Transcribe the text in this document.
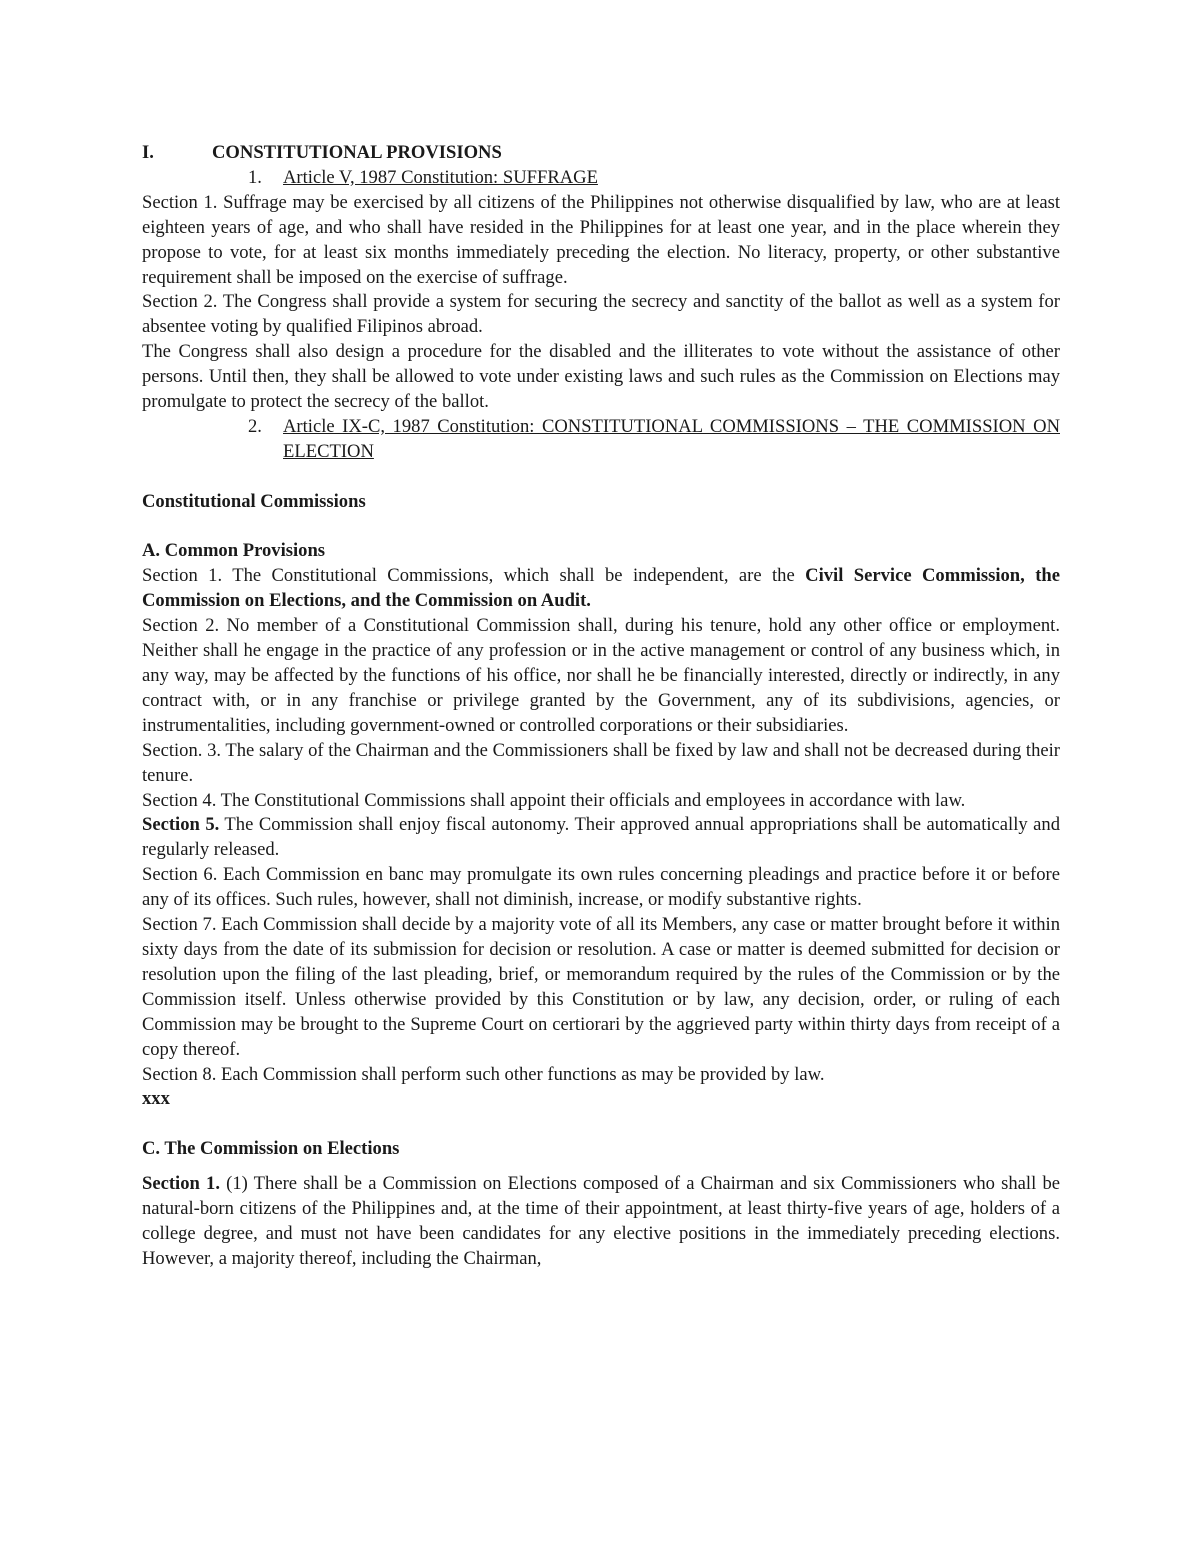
I.	CONSTITUTIONAL PROVISIONS

1.	Article V, 1987 Constitution: SUFFRAGE

Section 1. Suffrage may be exercised by all citizens of the Philippines not otherwise disqualified by law, who are at least eighteen years of age, and who shall have resided in the Philippines for at least one year, and in the place wherein they propose to vote, for at least six months immediately preceding the election. No literacy, property, or other substantive requirement shall be imposed on the exercise of suffrage.

Section 2. The Congress shall provide a system for securing the secrecy and sanctity of the ballot as well as a system for absentee voting by qualified Filipinos abroad.

The Congress shall also design a procedure for the disabled and the illiterates to vote without the assistance of other persons. Until then, they shall be allowed to vote under existing laws and such rules as the Commission on Elections may promulgate to protect the secrecy of the ballot.

2.	Article IX-C, 1987 Constitution: CONSTITUTIONAL COMMISSIONS – THE COMMISSION ON ELECTION

Constitutional Commissions

A. Common Provisions

Section 1. The Constitutional Commissions, which shall be independent, are the Civil Service Commission, the Commission on Elections, and the Commission on Audit.

Section 2. No member of a Constitutional Commission shall, during his tenure, hold any other office or employment. Neither shall he engage in the practice of any profession or in the active management or control of any business which, in any way, may be affected by the functions of his office, nor shall he be financially interested, directly or indirectly, in any contract with, or in any franchise or privilege granted by the Government, any of its subdivisions, agencies, or instrumentalities, including government-owned or controlled corporations or their subsidiaries.

Section. 3. The salary of the Chairman and the Commissioners shall be fixed by law and shall not be decreased during their tenure.

Section 4. The Constitutional Commissions shall appoint their officials and employees in accordance with law.

Section 5. The Commission shall enjoy fiscal autonomy. Their approved annual appropriations shall be automatically and regularly released.

Section 6. Each Commission en banc may promulgate its own rules concerning pleadings and practice before it or before any of its offices. Such rules, however, shall not diminish, increase, or modify substantive rights.

Section 7. Each Commission shall decide by a majority vote of all its Members, any case or matter brought before it within sixty days from the date of its submission for decision or resolution. A case or matter is deemed submitted for decision or resolution upon the filing of the last pleading, brief, or memorandum required by the rules of the Commission or by the Commission itself. Unless otherwise provided by this Constitution or by law, any decision, order, or ruling of each Commission may be brought to the Supreme Court on certiorari by the aggrieved party within thirty days from receipt of a copy thereof.

Section 8. Each Commission shall perform such other functions as may be provided by law.

xxx

C. The Commission on Elections

Section 1. (1) There shall be a Commission on Elections composed of a Chairman and six Commissioners who shall be natural-born citizens of the Philippines and, at the time of their appointment, at least thirty-five years of age, holders of a college degree, and must not have been candidates for any elective positions in the immediately preceding elections. However, a majority thereof, including the Chairman,
